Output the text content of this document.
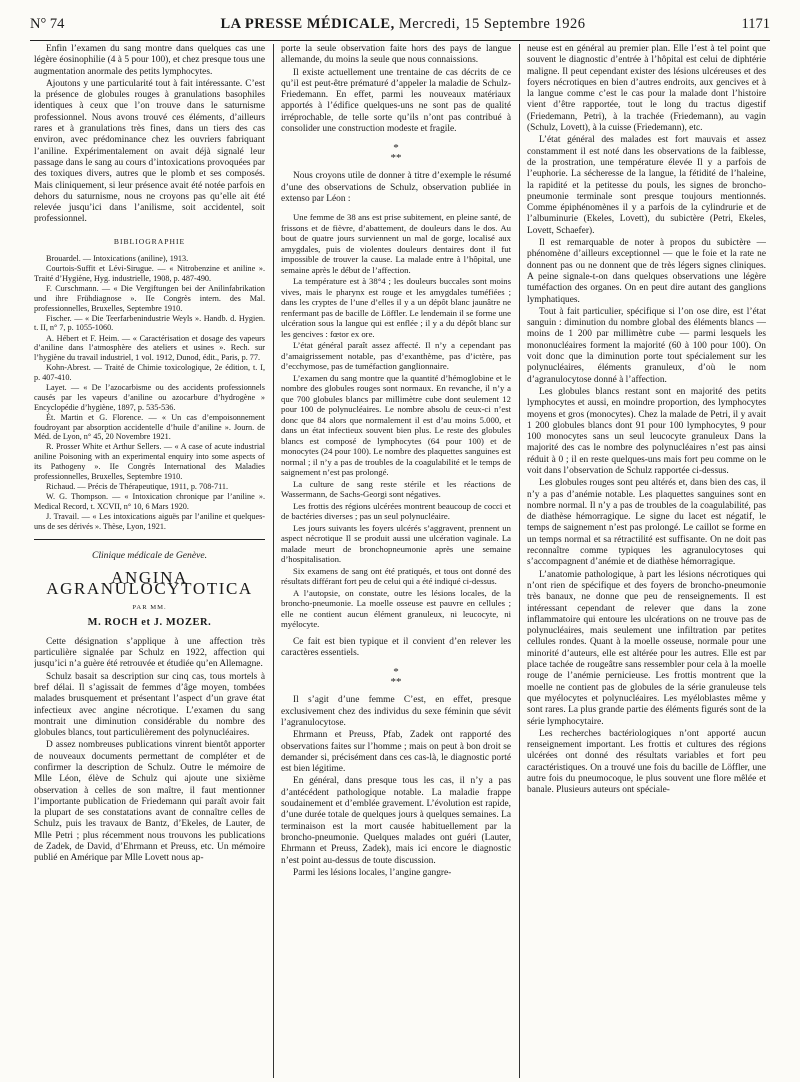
N° 74	LA PRESSE MÉDICALE, Mercredi, 15 Septembre 1926	1171

Enfin l’examen du sang montre dans quelques cas une légère éosinophilie (4 à 5 pour 100), et chez presque tous une augmentation anormale des petits lymphocytes.

Ajoutons y une particularité tout à fait intéressante. C’est la présence de globules rouges à granulations basophiles identiques à ceux que l’on trouve dans le saturnisme professionnel. Nous avons trouvé ces éléments, d’ailleurs rares et à granulations très fines, dans un tiers des cas environ, avec prédominance chez les ouvriers fabriquant l’aniline. Expérimentalement on avait déjà signalé leur passage dans le sang au cours d’intoxications provoquées par des toxiques divers, autres que le plomb et ses composés. Mais cliniquement, si leur présence avait été notée parfois en dehors du saturnisme, nous ne croyons pas qu’elle ait été relevée jusqu’ici dans l’anilisme, soit accidentel, soit professionnel.

BIBLIOGRAPHIE

Brouardel. — Intoxications (aniline), 1913.

Courtois-Suffit et Lévi-Sirugue. — « Nitrobenzine et aniline ». Traité d’Hygiène, Hyg. industrielle, 1908, p. 487-490.

F. Curschmann. — « Die Vergiftungen bei der Anilinfabrikation und ihre Frühdiagnose ». IIe Congrès intern. des Mal. professionnelles, Bruxelles, Septembre 1910.

Fischer. — « Die Teerfarbenindustrie Weyls ». Handb. d. Hygien. t. II, n° 7, p. 1055-1060.

A. Hébert et F. Heim. — « Caractérisation et dosage des vapeurs d’aniline dans l’atmosphère des ateliers et usines ». Rech. sur l’hygiène du travail industriel, 1 vol. 1912, Dunod, édit., Paris, p. 77.

Kohn-Abrest. — Traité de Chimie toxicologique, 2e édition, t. I, p. 407-410.

Layet. — « De l’azocarbisme ou des accidents professionnels causés par les vapeurs d’aniline ou azocarbure d’hydrogène » Encyclopédie d’hygiène, 1897, p. 535-536.

Ét. Martin et G. Florence. — « Un cas d’empoisonnement foudroyant par absorption accidentelle d’huile d’aniline ». Journ. de Méd. de Lyon, n° 45, 20 Novembre 1921.

R. Prosser White et Arthur Sellers. — « A case of acute industrial aniline Poisoning with an experimental enquiry into some aspects of its Pathogeny ». IIe Congrès International des Maladies professionnelles, Bruxelles, Septembre 1910.

Richaud. — Précis de Thérapeutique, 1911, p. 708-711.

W. G. Thompson. — « Intoxication chronique par l’aniline ». Medical Record, t. XCVII, n° 10, 6 Mars 1920.

J. Travail. — « Les intoxications aiguës par l’aniline et quelques-uns de ses dérivés ». Thèse, Lyon, 1921.

Clinique médicale de Genève.
ANGINA AGRANULOCYTOTICA
PAR MM.
M. ROCH et J. MOZER.

Cette désignation s’applique à une affection très particulière signalée par Schulz en 1922, affection qui jusqu’ici n’a guère été retrouvée et étudiée qu’en Allemagne.

Schulz basait sa description sur cinq cas, tous mortels à bref délai. Il s’agissait de femmes d’âge moyen, tombées malades brusquement et présentant l’aspect d’un grave état infectieux avec angine nécrotique. L’examen du sang montrait une diminution considérable du nombre des globules blancs, tout particulièrement des polynucléaires.

D assez nombreuses publications vinrent bientôt apporter de nouveaux documents permettant de compléter et de confirmer la description de Schulz. Outre le mémoire de Mlle Léon, élève de Schulz qui ajoute une sixième observation à celles de son maître, il faut mentionner l’importante publication de Friedemann qui paraît avoir fait la plupart de ses constatations avant de connaître celles de Schulz, puis les travaux de Bantz, d’Ekeles, de Lauter, de Mlle Petri ; plus récemment nous trouvons les publications de Zadek, de David, d’Ehrmann et Preuss, etc. Un mémoire publié en Amérique par Mlle Lovett nous ap-

porte la seule observation faite hors des pays de langue allemande, du moins la seule que nous connaissions.

Il existe actuellement une trentaine de cas décrits de ce qu’il est peut-être prématuré d’appeler la maladie de Schulz-Friedemann. En effet, parmi les nouveaux matériaux apportés à l’édifice quelques-uns ne sont pas de qualité irréprochable, de telle sorte qu’ils n’ont pas contribué à consolider une construction modeste et fragile.

*
**

Nous croyons utile de donner à titre d’exemple le résumé d’une des observations de Schulz, observation publiée in extenso par Léon :

Une femme de 38 ans est prise subitement, en pleine santé, de frissons et de fièvre, d’abattement, de douleurs dans le dos. Au bout de quatre jours surviennent un mal de gorge, localisé aux amygdales, puis de violentes douleurs dentaires dont il fut impossible de trouver la cause. La malade entre à l’hôpital, une semaine après le début de l’affection.

La température est à 38°4 ; les douleurs buccales sont moins vives, mais le pharynx est rouge et les amygdales tuméfiées ; dans les cryptes de l’une d’elles il y a un dépôt blanc jaunâtre ne renfermant pas de bacille de Löffler. Le lendemain il se forme une ulcération sous la langue qui est enflée ; il y a du dépôt blanc sur les gencives : fœtor ex ore.

L’état général paraît assez affecté. Il n’y a cependant pas d’amaigrissement notable, pas d’exanthème, pas d’ictère, pas d’ecchymose, pas de tuméfaction ganglionnaire.

L’examen du sang montre que la quantité d’hémoglobine et le nombre des globules rouges sont normaux. En revanche, il n’y a que 700 globules blancs par millimètre cube dont seulement 12 pour 100 de polynucléaires. Le nombre absolu de ceux-ci n’est donc que 84 alors que normalement il est d’au moins 5.000, et dans un état infectieux souvent bien plus. Le reste des globules blancs est composé de lymphocytes (64 pour 100) et de monocytes (24 pour 100). Le nombre des plaquettes sanguines est normal ; il n’y a pas de troubles de la coagulabilité et le temps de saignement n’est pas prolongé.

La culture de sang reste stérile et les réactions de Wassermann, de Sachs-Georgi sont négatives.

Les frottis des régions ulcérées montrent beaucoup de cocci et de bactéries diverses ; pas un seul polynucléaire.

Les jours suivants les foyers ulcérés s’aggravent, prennent un aspect nécrotique Il se produit aussi une ulcération vaginale. La malade meurt de bronchopneumonie après une semaine d’hospitalisation.

Six examens de sang ont été pratiqués, et tous ont donné des résultats différant fort peu de celui qui a été indiqué ci-dessus.

A l’autopsie, on constate, outre les lésions locales, de la broncho-pneumonie. La moelle osseuse est pauvre en cellules ; elle ne contient aucun élément granuleux, ni leucocyte, ni myélocyte.

Ce fait est bien typique et il convient d’en relever les caractères essentiels.

*
**

Il s’agit d’une femme C’est, en effet, presque exclusivement chez des individus du sexe féminin que sévit l’agranulocytose.

Ehrmann et Preuss, Pfab, Zadek ont rapporté des observations faites sur l’homme ; mais on peut à bon droit se demander si, précisément dans ces cas-là, le diagnostic porté est bien légitime.

En général, dans presque tous les cas, il n’y a pas d’antécédent pathologique notable. La maladie frappe soudainement et d’emblée gravement. L’évolution est rapide, d’une durée totale de quelques jours à quelques semaines. La terminaison est la mort causée habituellement par la broncho-pneumonie. Quelques malades ont guéri (Lauter, Ehrmann et Preuss, Zadek), mais ici encore le diagnostic n’est point au-dessus de toute discussion.

Parmi les lésions locales, l’angine gangre-

neuse est en général au premier plan. Elle l’est à tel point que souvent le diagnostic d’entrée à l’hôpital est celui de diphtérie maligne. Il peut cependant exister des lésions ulcéreuses et des foyers nécrotiques en bien d’autres endroits, aux gencives et à la langue comme c’est le cas pour la malade dont l’histoire vient d’être rapportée, tout le long du tractus digestif (Friedemann, Petri), à la trachée (Friedemann), au vagin (Schulz, Lovett), à la cuisse (Friedemann), etc.

L’état général des malades est fort mauvais et assez constamment il est noté dans les observations de la faiblesse, de la prostration, une température élevée Il y a parfois de l’euphorie. La sécheresse de la langue, la fétidité de l’haleine, la rapidité et la petitesse du pouls, les signes de broncho-pneumonie terminale sont presque toujours mentionnés. Comme épiphénomènes il y a parfois de la cylindrurie et de l’albuminurie (Ekeles, Lovett), du subictère (Petri, Ekeles, Lovett, Schaefer).

Il est remarquable de noter à propos du subictère — phénomène d’ailleurs exceptionnel — que le foie et la rate ne donnent pas ou ne donnent que de très légers signes cliniques. A peine signale-t-on dans quelques observations une légère tuméfaction des organes. On en peut dire autant des ganglions lymphatiques.

Tout à fait particulier, spécifique si l’on ose dire, est l’état sanguin : diminution du nombre global des éléments blancs — moins de 1 200 par millimètre cube — parmi lesquels les mononucléaires forment la majorité (60 à 100 pour 100). On voit donc que la diminution porte tout spécialement sur les polynucléaires, éléments granuleux, d’où le nom d’agranulocytose donné à l’affection.

Les globules blancs restant sont en majorité des petits lymphocytes et aussi, en moindre proportion, des lymphocytes moyens et gros (monocytes). Chez la malade de Petri, il y avait 1 200 globules blancs dont 91 pour 100 lymphocytes, 9 pour 100 monocytes sans un seul leucocyte granuleux Dans la majorité des cas le nombre des polynucléaires n’est pas ainsi réduit à 0 ; il en reste quelques-uns mais fort peu comme on le voit dans l’observation de Schulz rapportée ci-dessus.

Les globules rouges sont peu altérés et, dans bien des cas, il n’y a pas d’anémie notable. Les plaquettes sanguines sont en nombre normal. Il n’y a pas de troubles de la coagulabilité, pas de diathèse hémorragique. Le signe du lacet est négatif, le temps de saignement n’est pas prolongé. Le caillot se forme en un temps normal et sa rétractilité est suffisante. On ne doit pas reconnaître comme typiques les agranulocytoses qui s’accompagnent d’anémie et de diathèse hémorragique.

L’anatomie pathologique, à part les lésions nécrotiques qui n’ont rien de spécifique et des foyers de broncho-pneumonie très banaux, ne donne que peu de renseignements. Il est intéressant cependant de relever que dans la zone inflammatoire qui entoure les ulcérations on ne trouve pas de polynucléaires, mais seulement une infiltration par petites cellules rondes. Quant à la moelle osseuse, normale pour une minorité d’auteurs, elle est altérée pour les autres. Elle est par place tachée de rougeâtre sans ressembler pour cela à la moelle rouge de l’anémie pernicieuse. Les frottis montrent que la moelle ne contient pas de globules de la série granuleuse tels que myélocytes et polynucléaires. Les myéloblastes même y sont rares. La plus grande partie des éléments figurés sont de la série lymphocytaire.

Les recherches bactériologiques n’ont apporté aucun renseignement important. Les frottis et cultures des régions ulcérées ont donné des résultats variables et fort peu caractéristiques. On a trouvé une fois du bacille de Löffler, une autre fois du pneumocoque, le plus souvent une flore mêlée et banale. Plusieurs auteurs ont spéciale-
